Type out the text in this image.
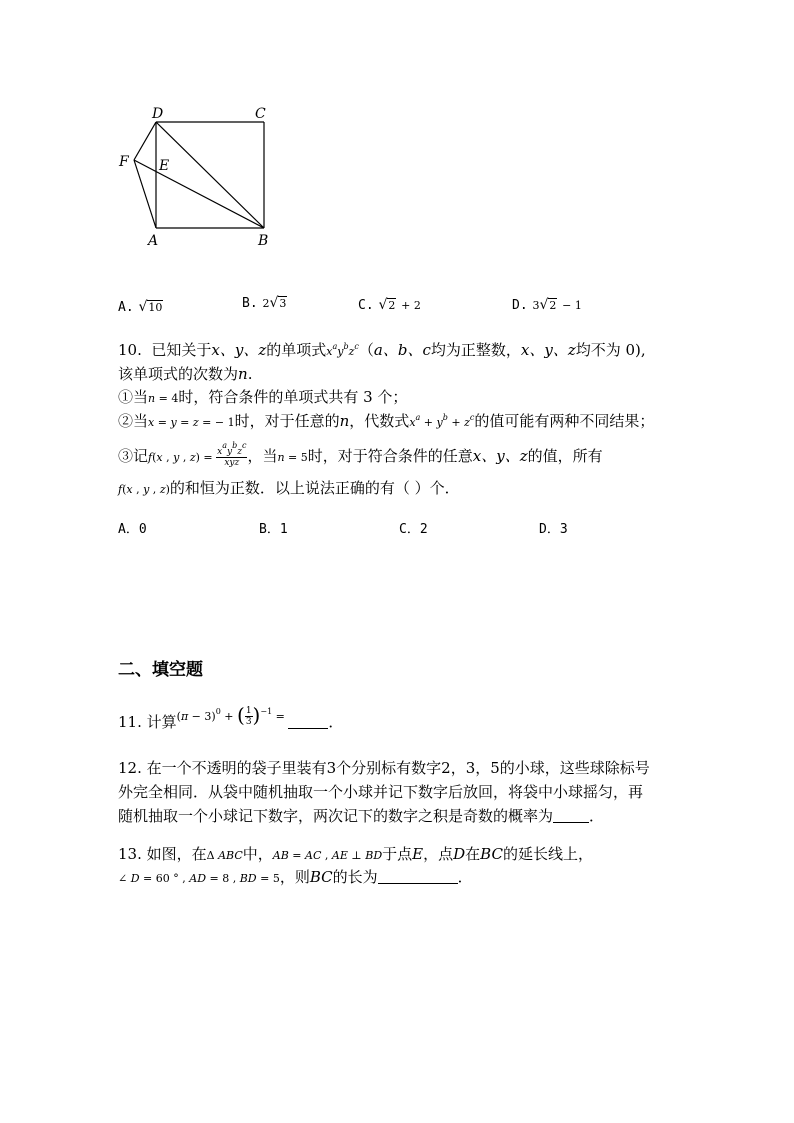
D	C
F E
A	B
A. √10	B. 2√3	C. √2 + 2	D. 3√2 − 1
10. 已知关于x、y、z的单项式$x^ay^bz^c(a$、b、c均为正整数，x、y、z均不为 0),
该单项式的次数为n.
①当n = 4时，符合条件的单项式共有 3 个；
②当x = y = z = − 1时，对于任意的n，代数式$x^a + y^b + z^c$的值可能有两种不同结果；
③记f(x , y , $z) = \frac{x^ay^bz^c}{\text{xyz}}$ ，当n = 5时，对于符合条件的任意x、y、z的值，所有
f(x , y , z)的和恒为正数．以上说法正确的有（ ）个．
A．0	B．1	C．2	D．3
二、填空题
11. 计算$^{(\pi - 3)^0 +}$ ( $\frac{1}{3} )^{-1}$ =	．
12. 在一个不透明的袋子里装有3个分别标有数字2，3，5的小球，这些球除标号
外完全相同．从袋中随机抽取一个小球并记下数字后放回，将袋中小球摇匀，再
随机抽取一个小球记下数字，两次记下的数字之积是奇数的概率为 ．
13. 如图，在Δ ABC中，AB = AC , AE ⊥ BD于点E，点D在BC的延长线上，
∠ D = 60 ° , AD = 8 , BD = 5，则BC的长为	．
